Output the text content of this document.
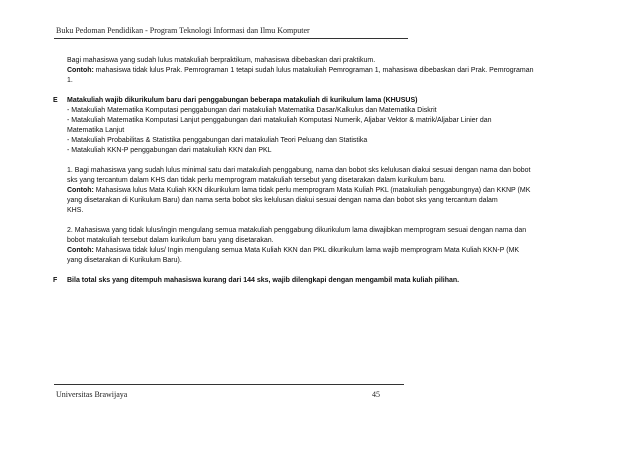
Buku Pedoman Pendidikan - Program Teknologi Informasi dan Ilmu Komputer
Bagi mahasiswa yang sudah lulus matakuliah berpraktikum, mahasiswa dibebaskan dari praktikum.
Contoh: mahasiswa tidak lulus Prak. Pemrograman 1 tetapi sudah lulus matakuliah Pemrograman 1, mahasiswa dibebaskan dari Prak. Pemrograman
1.
E	Matakuliah wajib dikurikulum baru dari penggabungan beberapa matakuliah di kurikulum lama (KHUSUS)
- Matakuliah Matematika Komputasi penggabungan dari matakuliah Matematika Dasar/Kalkulus dan Matematika Diskrit
- Matakuliah Matematika Komputasi Lanjut penggabungan dari matakuliah Komputasi Numerik, Aljabar Vektor & matrik/Aljabar Linier dan
Matematika Lanjut
- Matakuliah Probabilitas & Statistika penggabungan dari matakuliah Teori Peluang dan Statistika
- Matakuliah KKN-P penggabungan dari matakuliah KKN dan PKL
1. Bagi mahasiswa yang sudah lulus minimal satu dari matakuliah penggabung, nama dan bobot sks kelulusan diakui sesuai dengan nama dan bobot
sks yang tercantum dalam KHS dan tidak perlu memprogram matakuliah tersebut yang disetarakan dalam kurikulum baru.
Contoh: Mahasiswa lulus Mata Kuliah KKN dikurikulum lama tidak perlu memprogram Mata Kuliah PKL (matakuliah penggabungnya) dan KKNP (MK
yang disetarakan di Kurikulum Baru) dan nama serta bobot sks kelulusan diakui sesuai dengan nama dan bobot sks yang tercantum dalam
KHS.
2. Mahasiswa yang tidak lulus/ingin mengulang semua matakuliah penggabung dikurikulum lama diwajibkan memprogram sesuai dengan nama dan
bobot matakuliah tersebut dalam kurikulum baru yang disetarakan.
Contoh: Mahasiswa tidak lulus/ Ingin mengulang semua Mata Kuliah KKN dan PKL dikurikulum lama wajib memprogram Mata Kuliah KKN-P (MK
yang disetarakan di Kurikulum Baru).
F	Bila total sks yang ditempuh mahasiswa kurang dari 144 sks, wajib dilengkapi dengan mengambil mata kuliah pilihan.
Universitas Brawijaya	45
